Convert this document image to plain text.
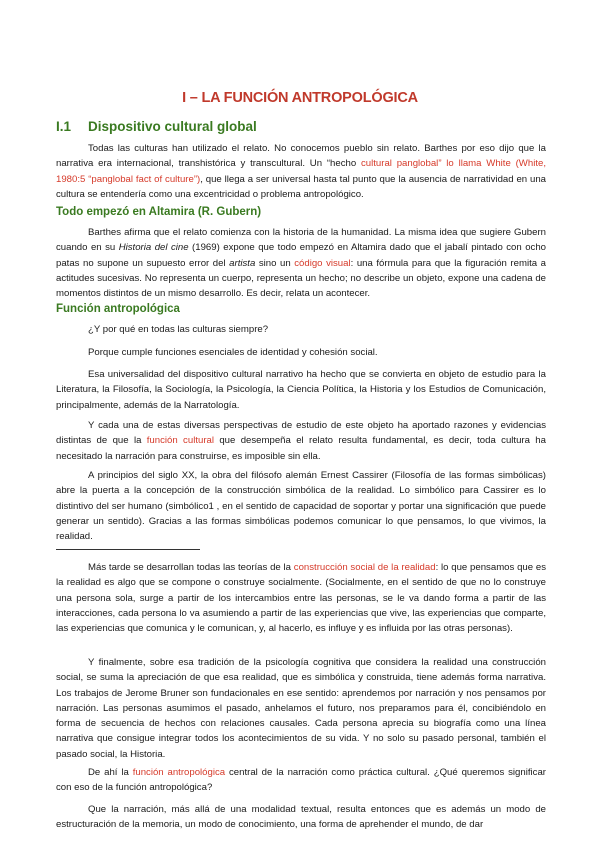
I – LA FUNCIÓN ANTROPOLÓGICA
I.1 Dispositivo cultural global

Todas las culturas han utilizado el relato. No conocemos pueblo sin relato. Barthes por eso dijo que la narrativa era internacional, transhistórica y transcultural. Un “hecho cultural panglobal” lo llama White (White, 1980:5 “panglobal fact of culture”), que llega a ser universal hasta tal punto que la ausencia de narratividad en una cultura se entendería como una excentricidad o problema antropológico.

Todo empezó en Altamira (R. Gubern)

Barthes afirma que el relato comienza con la historia de la humanidad. La misma idea que sugiere Gubern cuando en su Historia del cine (1969) expone que todo empezó en Altamira dado que el jabalí pintado con ocho patas no supone un supuesto error del artista sino un código visual: una fórmula para que la figuración remita a actitudes sucesivas. No representa un cuerpo, representa un hecho; no describe un objeto, expone una cadena de momentos distintos de un mismo desarrollo. Es decir, relata un acontecer.

Función antropológica

¿Y por qué en todas las culturas siempre?

Porque cumple funciones esenciales de identidad y cohesión social.

Esa universalidad del dispositivo cultural narrativo ha hecho que se convierta en objeto de estudio para la Literatura, la Filosofía, la Sociología, la Psicología, la Ciencia Política, la Historia y los Estudios de Comunicación, principalmente, además de la Narratología.

Y cada una de estas diversas perspectivas de estudio de este objeto ha aportado razones y evidencias distintas de que la función cultural que desempeña el relato resulta fundamental, es decir, toda cultura ha necesitado la narración para construirse, es imposible sin ella.

A principios del siglo XX, la obra del filósofo alemán Ernest Cassirer (Filosofía de las formas simbólicas) abre la puerta a la concepción de la construcción simbólica de la realidad. Lo simbólico para Cassirer es lo distintivo del ser humano (simbólico1 , en el sentido de capacidad de soportar y portar una significación que puede generar un sentido). Gracias a las formas simbólicas podemos comunicar lo que pensamos, lo que vivimos, la realidad.

Más tarde se desarrollan todas las teorías de la construcción social de la realidad: lo que pensamos que es la realidad es algo que se compone o construye socialmente. (Socialmente, en el sentido de que no lo construye una persona sola, surge a partir de los intercambios entre las personas, se le va dando forma a partir de las interacciones, cada persona lo va asumiendo a partir de las experiencias que vive, las experiencias que comparte, las experiencias que comunica y le comunican, y, al hacerlo, es influye y es influida por las otras personas).

Y finalmente, sobre esa tradición de la psicología cognitiva que considera la realidad una construcción social, se suma la apreciación de que esa realidad, que es simbólica y construida, tiene además forma narrativa. Los trabajos de Jerome Bruner son fundacionales en ese sentido: aprendemos por narración y nos pensamos por narración. Las personas asumimos el pasado, anhelamos el futuro, nos preparamos para él, concibiéndolo en forma de secuencia de hechos con relaciones causales. Cada persona aprecia su biografía como una línea narrativa que consigue integrar todos los acontecimientos de su vida. Y no solo su pasado personal, también el pasado social, la Historia.

De ahí la función antropológica central de la narración como práctica cultural. ¿Qué queremos significar con eso de la función antropológica?

Que la narración, más allá de una modalidad textual, resulta entonces que es además un modo de estructuración de la memoria, un modo de conocimiento, una forma de aprehender el mundo, de dar
